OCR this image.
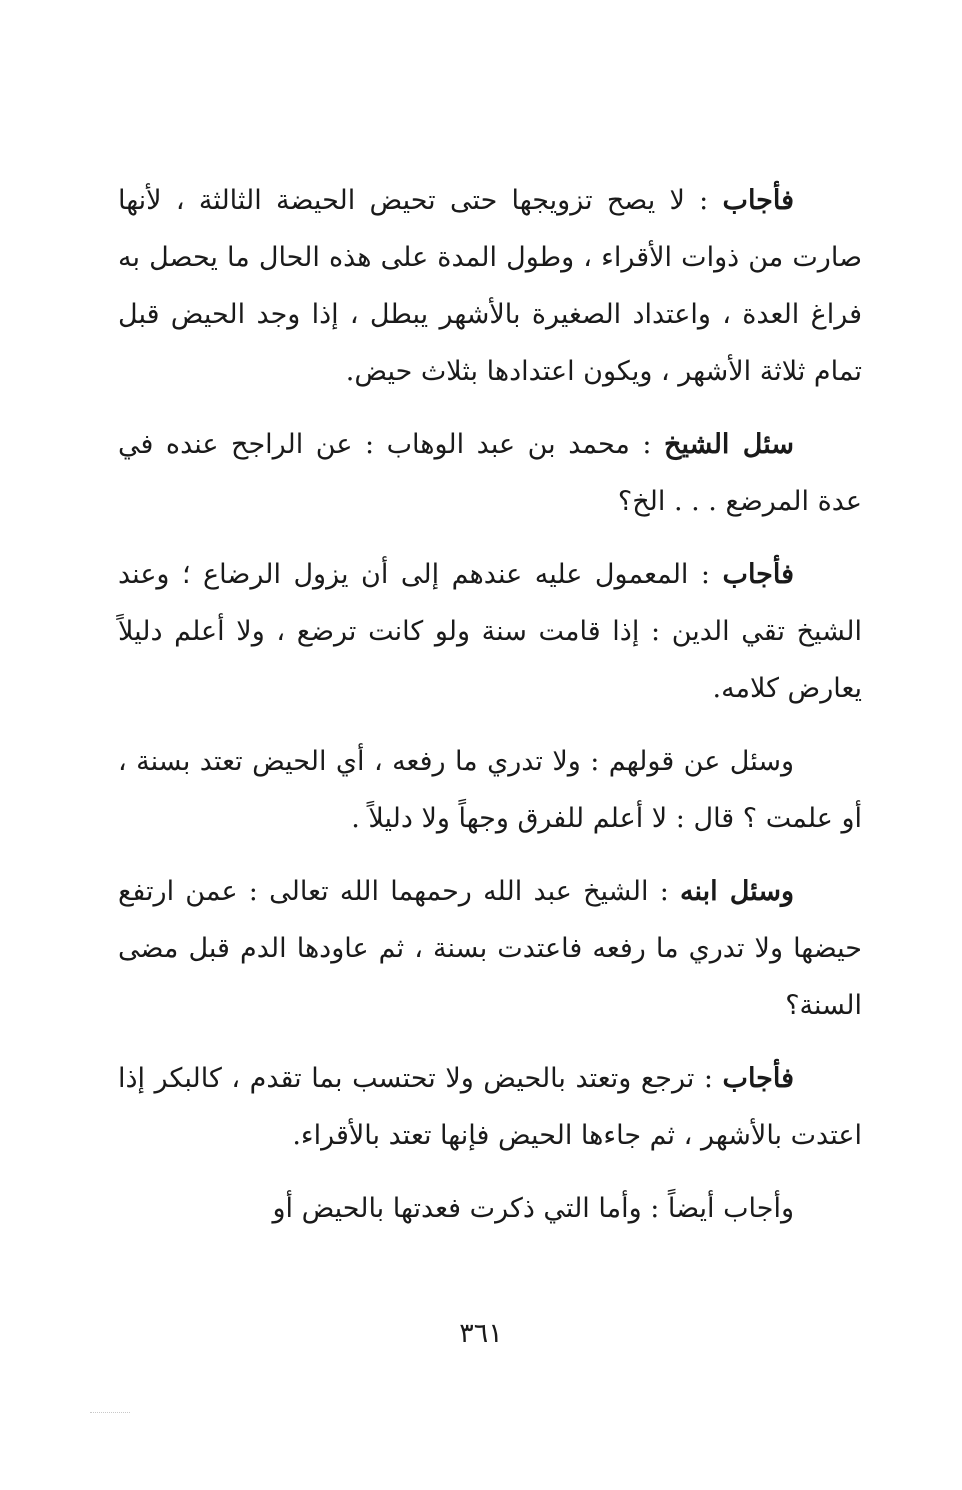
فأجاب : لا يصح تزويجها حتى تحيض الحيضة الثالثة ، لأنها صارت من ذوات الأقراء ، وطول المدة على هذه الحال ما يحصل به فراغ العدة ، واعتداد الصغيرة بالأشهر يبطل ، إذا وجد الحيض قبل تمام ثلاثة الأشهر ، ويكون اعتدادها بثلاث حيض.

سئل الشيخ : محمد بن عبد الوهاب : عن الراجح عنده في عدة المرضع . . . الخ؟

فأجاب : المعمول عليه عندهم إلى أن يزول الرضاع ؛ وعند الشيخ تقي الدين : إذا قامت سنة ولو كانت ترضع ، ولا أعلم دليلاً يعارض كلامه.

وسئل عن قولهم : ولا تدري ما رفعه ، أي الحيض تعتد بسنة ، أو علمت ؟ قال : لا أعلم للفرق وجهاً ولا دليلاً .

وسئل ابنه : الشيخ عبد الله رحمهما الله تعالى : عمن ارتفع حيضها ولا تدري ما رفعه فاعتدت بسنة ، ثم عاودها الدم قبل مضى السنة؟

فأجاب : ترجع وتعتد بالحيض ولا تحتسب بما تقدم ، كالبكر إذا اعتدت بالأشهر ، ثم جاءها الحيض فإنها تعتد بالأقراء.

وأجاب أيضاً : وأما التي ذكرت فعدتها بالحيض أو

٣٦١
